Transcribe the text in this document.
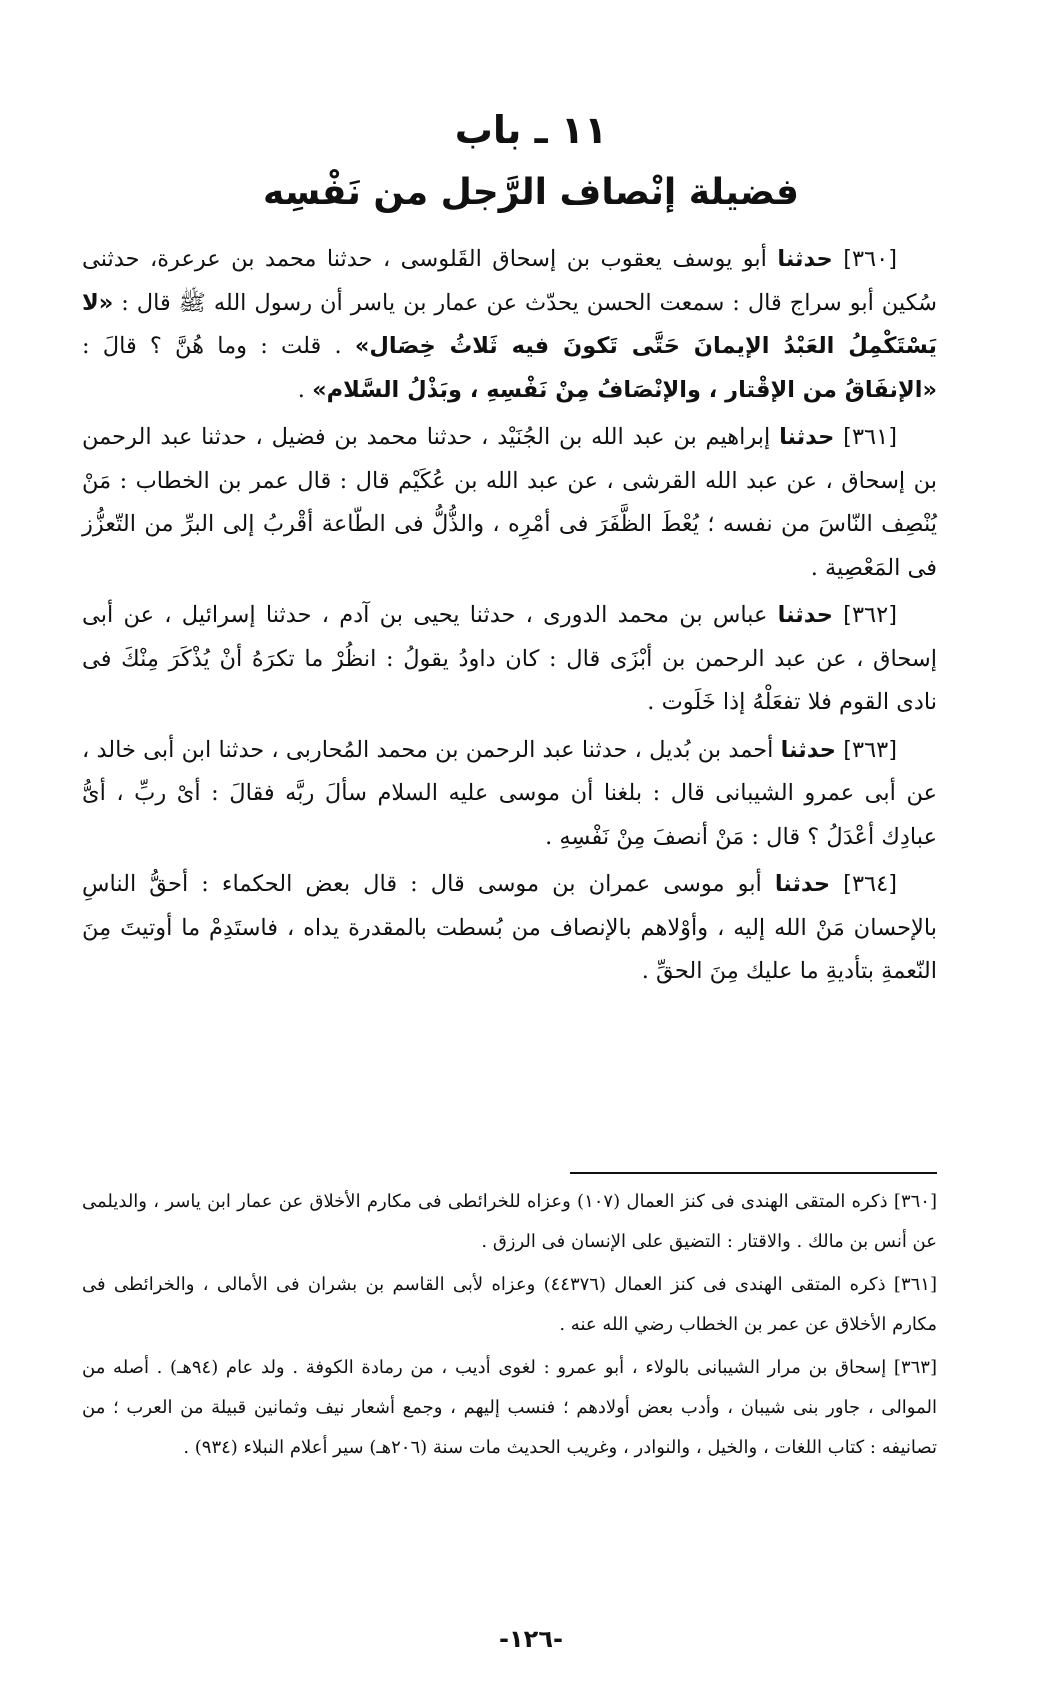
١١ ـ باب
فضيلة إنْصاف الرَّجل من نَفْسِه

[٣٦٠] حدثنا أبو يوسف يعقوب بن إسحاق القَلوسى ، حدثنا محمد بن عرعرة، حدثنى سُكين أبو سراج قال : سمعت الحسن يحدّث عن عمار بن ياسر أن رسول الله ﷺ قال : «لا يَسْتَكْمِلُ العَبْدُ الإيمانَ حَتَّى تَكونَ فيه ثَلاثُ خِصَال» . قلت : وما هُنَّ ؟ قالَ : «الإنفَاقُ من الإقْتار ، والإنْصَافُ مِنْ نَفْسِهِ ، وبَذْلُ السَّلام» .

[٣٦١] حدثنا إبراهيم بن عبد الله بن الجُنَيْد ، حدثنا محمد بن فضيل ، حدثنا عبد الرحمن بن إسحاق ، عن عبد الله القرشى ، عن عبد الله بن عُكَيْم قال : قال عمر بن الخطاب : مَنْ يُنْصِف النّاسَ من نفسه ؛ يُعْطَ الظَّفَرَ فى أمْرِه ، والذُّلُّ فى الطّاعة أقْربُ إلى البرِّ من التّعزُّز فى المَعْصِية .

[٣٦٢] حدثنا عباس بن محمد الدورى ، حدثنا يحيى بن آدم ، حدثنا إسرائيل ، عن أبى إسحاق ، عن عبد الرحمن بن أبْزَى قال : كان داودُ يقولُ : انظُرْ ما تكرَهُ أنْ يُذْكَرَ مِنْكَ فى نادى القوم فلا تفعَلْهُ إذا خَلَوت .

[٣٦٣] حدثنا أحمد بن بُديل ، حدثنا عبد الرحمن بن محمد المُحاربى ، حدثنا ابن أبى خالد ، عن أبى عمرو الشيبانى قال : بلغنا أن موسى عليه السلام سألَ ربَّه فقالَ : أىْ ربِّ ، أىُّ عبادِك أعْدَلُ ؟ قال : مَنْ أنصفَ مِنْ نَفْسِهِ .

[٣٦٤] حدثنا أبو موسى عمران بن موسى قال : قال بعض الحكماء : أحقُّ الناسِ بالإحسان مَنْ الله إليه ، وأوْلاهم بالإنصاف من بُسطت بالمقدرة يداه ، فاستَدِمْ ما أوتيتَ مِنَ النّعمةِ بتأديةِ ما عليك مِنَ الحقِّ .

[٣٦٠] ذكره المتقى الهندى فى كنز العمال (١٠٧) وعزاه للخرائطى فى مكارم الأخلاق عن عمار ابن ياسر ، والديلمى عن أنس بن مالك . والاقتار : التضيق على الإنسان فى الرزق .

[٣٦١] ذكره المتقى الهندى فى كنز العمال (٤٤٣٧٦) وعزاه لأبى القاسم بن بشران فى الأمالى ، والخرائطى فى مكارم الأخلاق عن عمر بن الخطاب رضي الله عنه .

[٣٦٣] إسحاق بن مرار الشيبانى بالولاء ، أبو عمرو : لغوى أديب ، من رمادة الكوفة . ولد عام (٩٤هـ) . أصله من الموالى ، جاور بنى شيبان ، وأدب بعض أولادهم ؛ فنسب إليهم ، وجمع أشعار نيف وثمانين قبيلة من العرب ؛ من تصانيفه : كتاب اللغات ، والخيل ، والنوادر ، وغريب الحديث مات سنة (٢٠٦هـ) سير أعلام النبلاء (٩٣٤) .

-١٢٦-
